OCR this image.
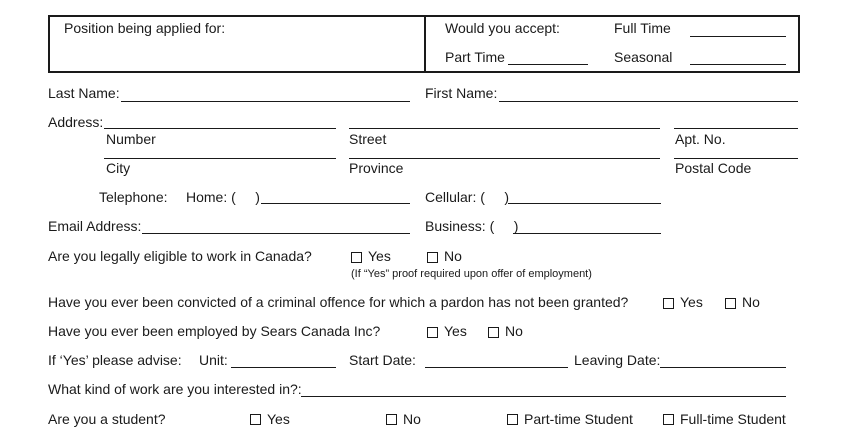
Position being applied for:	Would you accept:	Full Time
Part Time	Seasonal
Last Name:	First Name:
Address:
Number	Street	Apt. No.
City	Province	Postal Code
Telephone: Home: (     )	Cellular: (     )
Email Address:	Business: (     )
Are you legally eligible to work in Canada?	Yes	No
(If “Yes” proof required upon offer of employment)
Have you ever been convicted of a criminal offence for which a pardon has not been granted?	Yes	No
Have you ever been employed by Sears Canada Inc?	Yes	No
If ‘Yes’ please advise: Unit:	Start Date:	Leaving Date:
What kind of work are you interested in?:
Are you a student?	Yes	No	Part-time Student	Full-time Student
